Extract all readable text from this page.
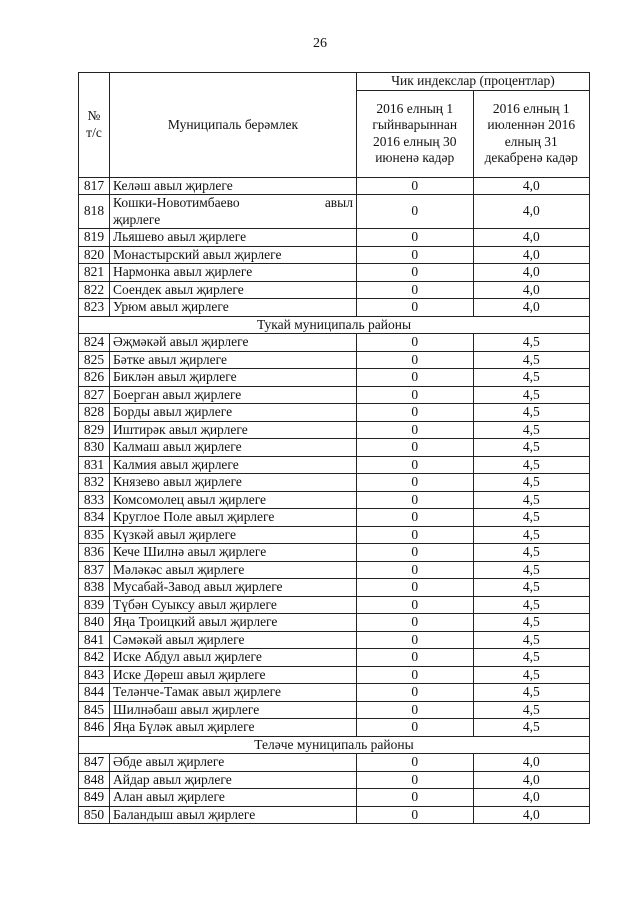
26
№ т/с	Муниципаль берәмлек	Чик индекслар (процентлар)	
		2016 елның 1 гыйнварыннан 2016 елның 30 июненә кадәр	2016 елның 1 июленнән 2016 елның 31 декабренә кадәр
817	Келәш авыл җирлеге	0	4,0
818	Кошки-Новотимбаево авыл
җирлеге	0	4,0
819	Льяшево авыл җирлеге	0	4,0
820	Монастырский авыл җирлеге	0	4,0
821	Нармонка авыл җирлеге	0	4,0
822	Соендек авыл җирлеге	0	4,0
823	Урюм авыл җирлеге	0	4,0
Тукай муниципаль районы			
824	Әҗмәкәй авыл җирлеге	0	4,5
825	Бәтке авыл җирлеге	0	4,5
826	Биклән авыл җирлеге	0	4,5
827	Боерган авыл җирлеге	0	4,5
828	Борды авыл җирлеге	0	4,5
829	Иштирәк авыл җирлеге	0	4,5
830	Калмаш авыл җирлеге	0	4,5
831	Калмия авыл җирлеге	0	4,5
832	Князево авыл җирлеге	0	4,5
833	Комсомолец авыл җирлеге	0	4,5
834	Круглое Поле авыл җирлеге	0	4,5
835	Күзкәй авыл җирлеге	0	4,5
836	Кече Шилнә авыл җирлеге	0	4,5
837	Мәләкәс авыл җирлеге	0	4,5
838	Мусабай-Завод авыл җирлеге	0	4,5
839	Түбән Суыксу авыл җирлеге	0	4,5
840	Яңа Троицкий авыл җирлеге	0	4,5
841	Сәмәкәй авыл җирлеге	0	4,5
842	Иске Абдул авыл җирлеге	0	4,5
843	Иске Дөреш авыл җирлеге	0	4,5
844	Теләнче-Тамак авыл җирлеге	0	4,5
845	Шилнәбаш авыл җирлеге	0	4,5
846	Яңа Бүләк авыл җирлеге	0	4,5
Теләче муниципаль районы			
847	Әбде авыл җирлеге	0	4,0
848	Айдар авыл җирлеге	0	4,0
849	Алан авыл җирлеге	0	4,0
850	Баландыш авыл җирлеге	0	4,0
